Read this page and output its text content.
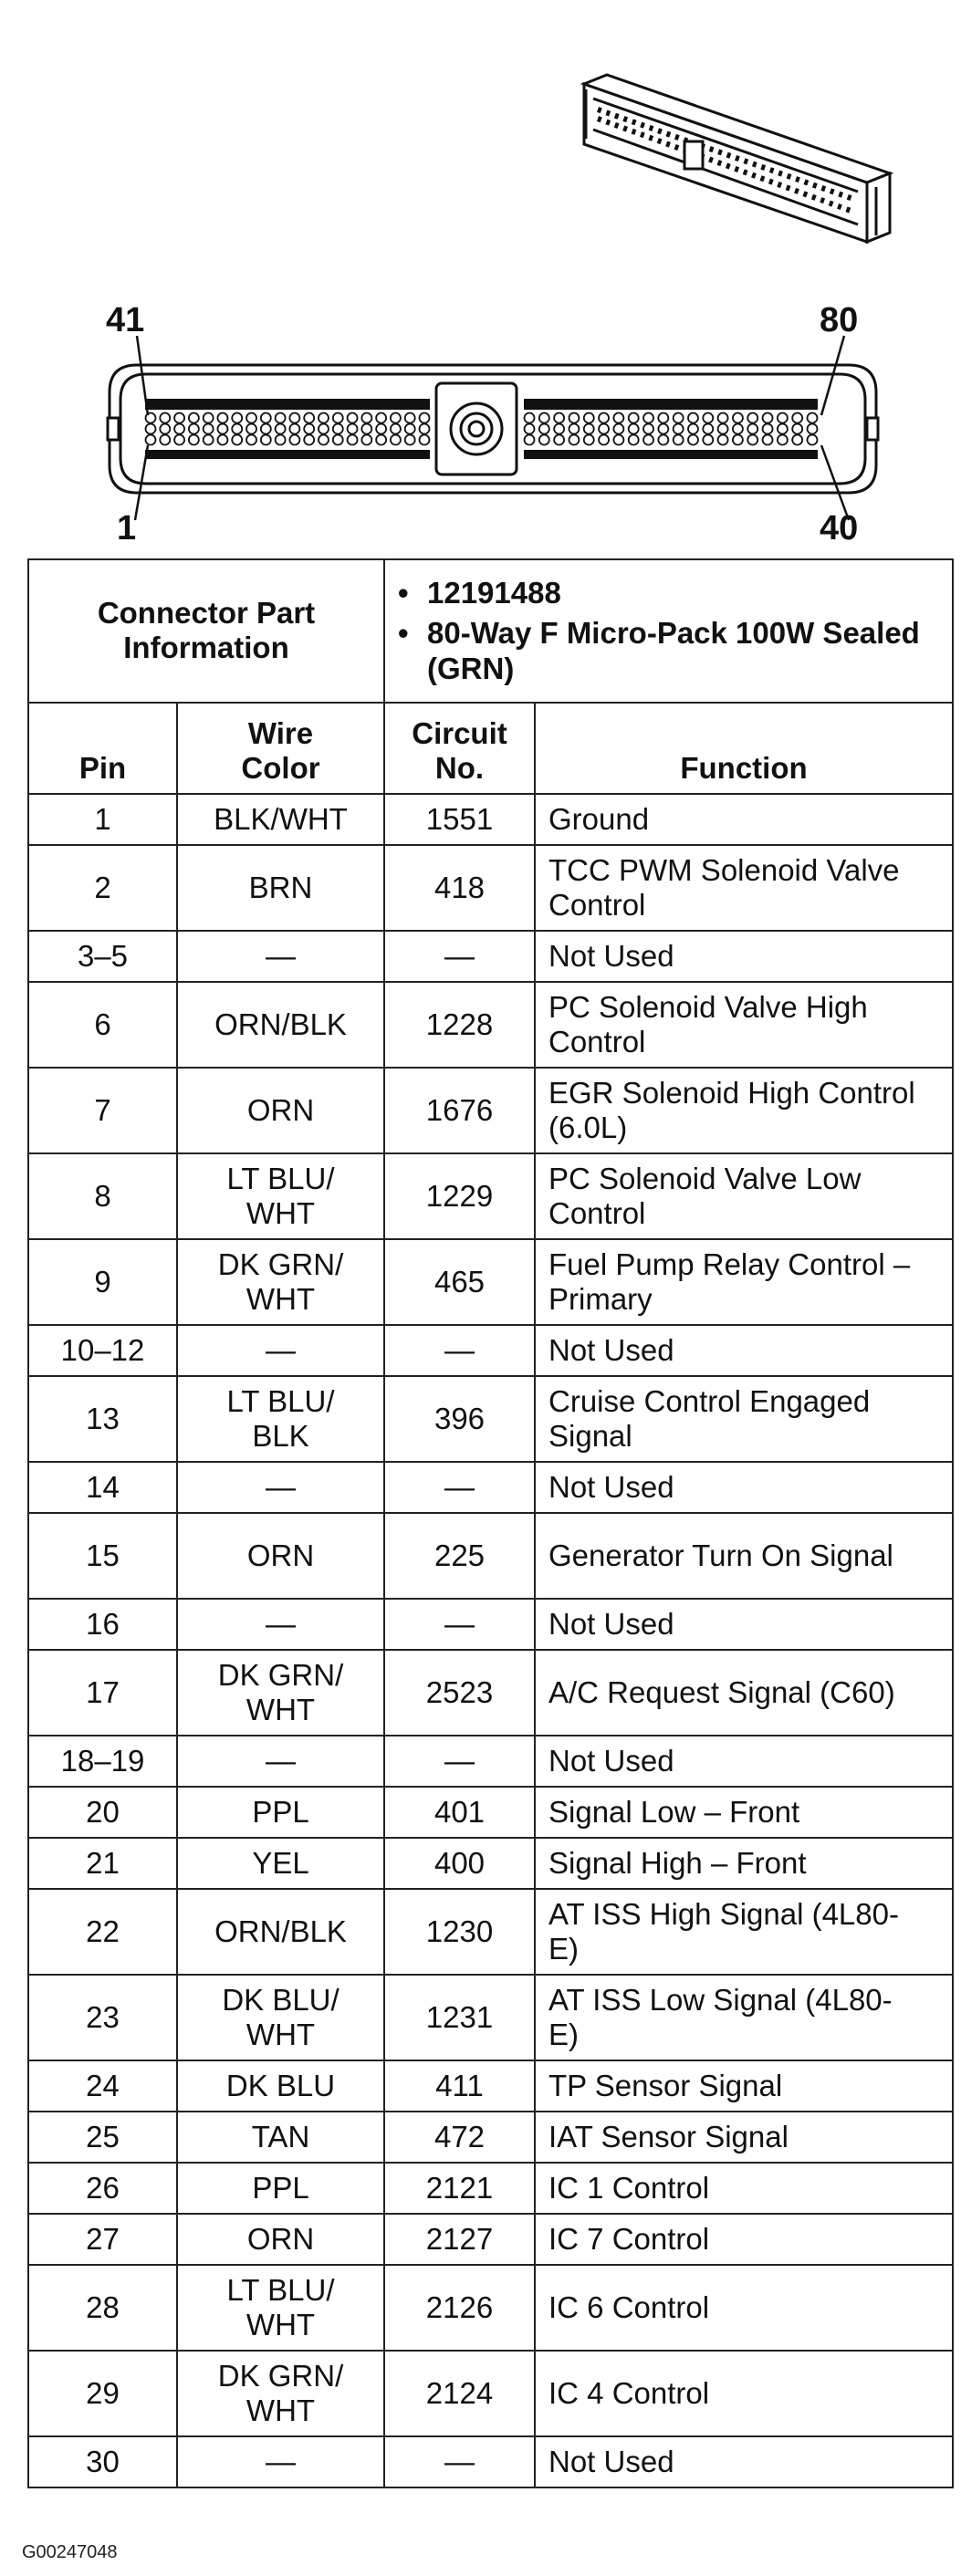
41	80
1	40
Connector Part Information		• 12191488
• 80-Way F Micro-Pack 100W Sealed (GRN)	

Pin	Wire Color	Circuit No.	Function
1	BLK/WHT	1551	Ground
2	BRN	418	TCC PWM Solenoid Valve Control
3–5	—	—	Not Used
6	ORN/BLK	1228	PC Solenoid Valve High Control
7	ORN	1676	EGR Solenoid High Control (6.0L)
8	LT BLU/ WHT	1229	PC Solenoid Valve Low Control
9	DK GRN/ WHT	465	Fuel Pump Relay Control – Primary
10–12	—	—	Not Used
13	LT BLU/ BLK	396	Cruise Control Engaged Signal
14	—	—	Not Used
15	ORN	225	Generator Turn On Signal
16	—	—	Not Used
17	DK GRN/ WHT	2523	A/C Request Signal (C60)
18–19	—	—	Not Used
20	PPL	401	Signal Low – Front
21	YEL	400	Signal High – Front
22	ORN/BLK	1230	AT ISS High Signal (4L80-E)
23	DK BLU/ WHT	1231	AT ISS Low Signal (4L80-E)
24	DK BLU	411	TP Sensor Signal
25	TAN	472	IAT Sensor Signal
26	PPL	2121	IC 1 Control
27	ORN	2127	IC 7 Control
28	LT BLU/ WHT	2126	IC 6 Control
29	DK GRN/ WHT	2124	IC 4 Control
30	—	—	Not Used
G00247048
